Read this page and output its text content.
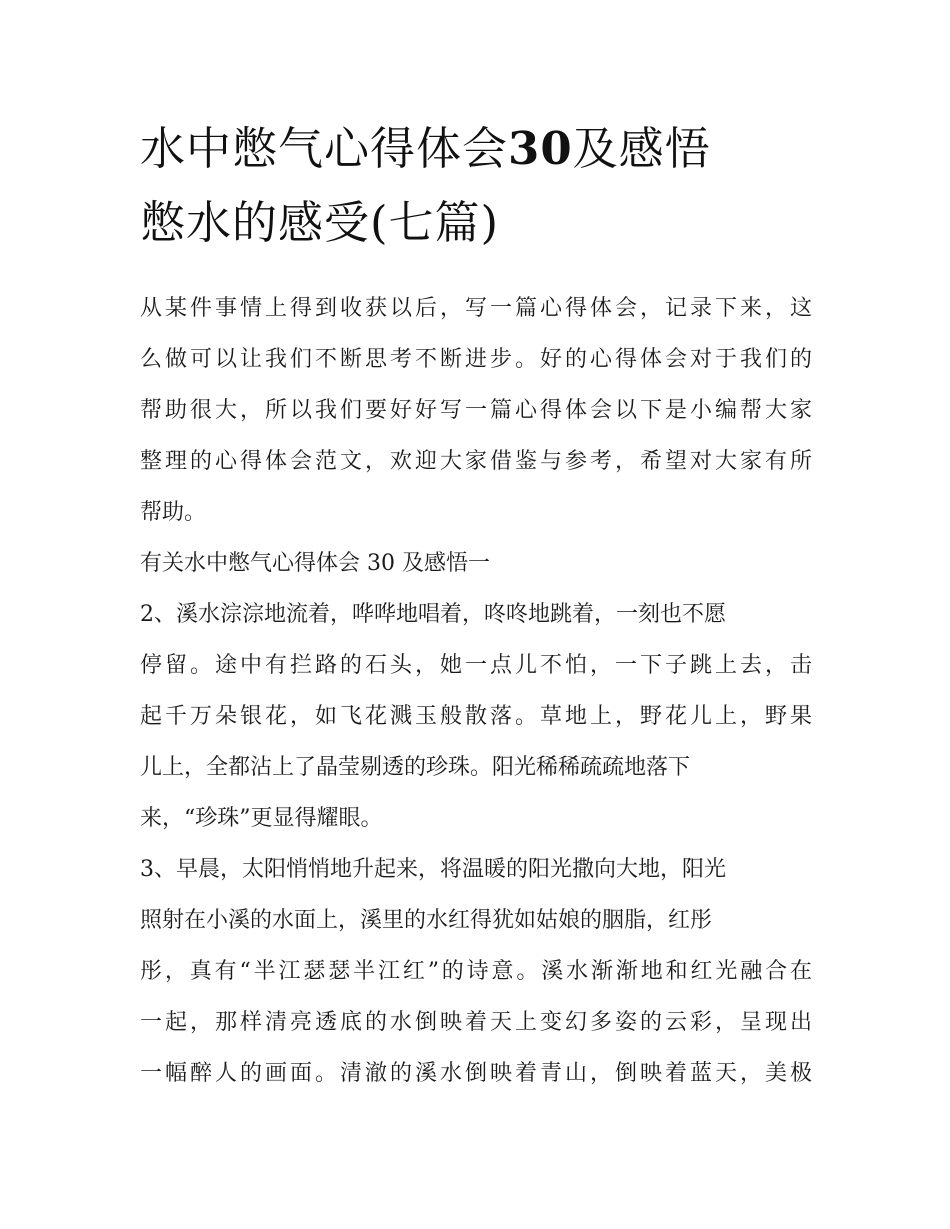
水中憋气心得体会30及感悟
憋水的感受(七篇)
从某件事情上得到收获以后，写一篇心得体会，记录下来，这
么做可以让我们不断思考不断进步。好的心得体会对于我们的
帮助很大，所以我们要好好写一篇心得体会以下是小编帮大家
整理的心得体会范文，欢迎大家借鉴与参考，希望对大家有所
帮助。
有关水中憋气心得体会 30 及感悟一
2、溪水淙淙地流着，哗哗地唱着，咚咚地跳着，一刻也不愿
停留。途中有拦路的石头，她一点儿不怕，一下子跳上去，击
起千万朵银花，如飞花溅玉般散落。草地上，野花儿上，野果
儿上，全都沾上了晶莹剔透的珍珠。阳光稀稀疏疏地落下
来，“珍珠”更显得耀眼。
3、早晨，太阳悄悄地升起来，将温暖的阳光撒向大地，阳光
照射在小溪的水面上，溪里的水红得犹如姑娘的胭脂，红彤
彤，真有“半江瑟瑟半江红”的诗意。溪水渐渐地和红光融合在
一起，那样清亮透底的水倒映着天上变幻多姿的云彩，呈现出
一幅醉人的画面。清澈的溪水倒映着青山，倒映着蓝天，美极
